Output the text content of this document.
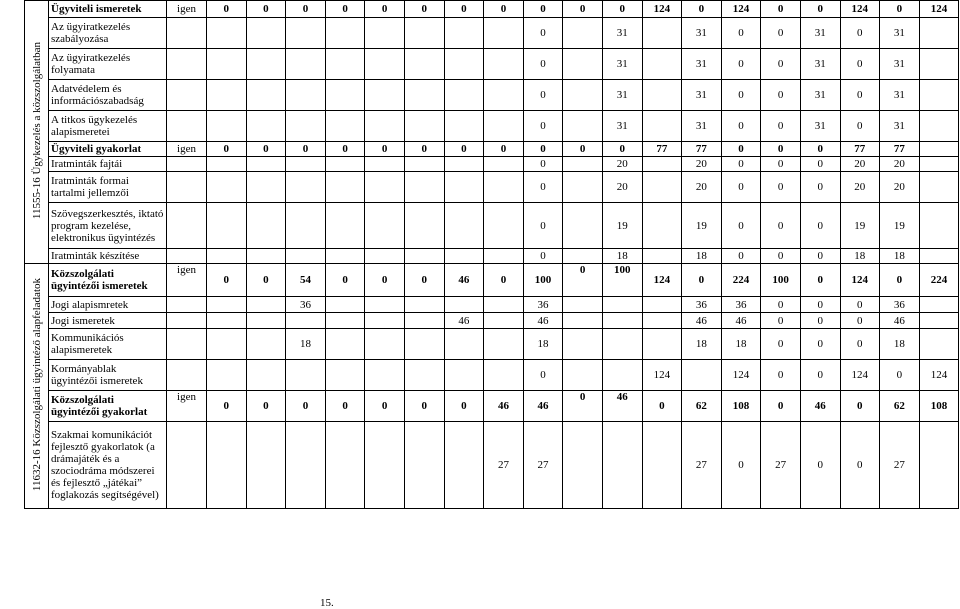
11555-16 Ügykezelés a közszolgálatban	Ügyviteli ismeretek	igen	0	0	0	0	0	0	0	0	0	0	0	124	0	124	0	0	124	0	124
	Az ügyiratkezelés szabályozása										0		31		31	0	0	31	0	31	
	Az ügyiratkezelés folyamata										0		31		31	0	0	31	0	31	
	Adatvédelem és információszabadság										0		31		31	0	0	31	0	31	
	A titkos ügykezelés alapismeretei										0		31		31	0	0	31	0	31	
	Ügyviteli gyakorlat	igen	0	0	0	0	0	0	0	0	0	0	0	77	77	0	0	0	77	77	
	Iratminták fajtái										0		20		20	0	0	0	20	20	
	Iratminták formai tartalmi jellemzői										0		20		20	0	0	0	20	20	
	Szövegszerkesztés, iktató program kezelése, elektronikus ügyintézés										0		19		19	0	0	0	19	19	
	Iratminták készítése										0		18		18	0	0	0	18	18	
11632-16 Közszolgálati ügyintéző alapfeladatok	Közszolgálati ügyintézői ismeretek	igen	0	0	54	0	0	0	46	0	100	0	100	124	0	224	100	0	124	0	224
	Jogi alapismretek				36						36				36	36	0	0	0	36	
	Jogi ismeretek								46		46				46	46	0	0	0	46	
	Kommunikációs alapismeretek				18						18				18	18	0	0	0	18	
	Kormányablak ügyintézői ismeretek										0			124		124	0	0	124	0	124
	Közszolgálati ügyintézői gyakorlat	igen	0	0	0	0	0	0	0	46	46	0	46	0	62	108	0	46	0	62	108
	Szakmai komunikációt fejlesztő gyakorlatok (a drámajáték és a szociodráma módszerei és fejlesztő „játékai” foglakozás segítségével)									27	27				27	0	27	0	0	27	
15.
